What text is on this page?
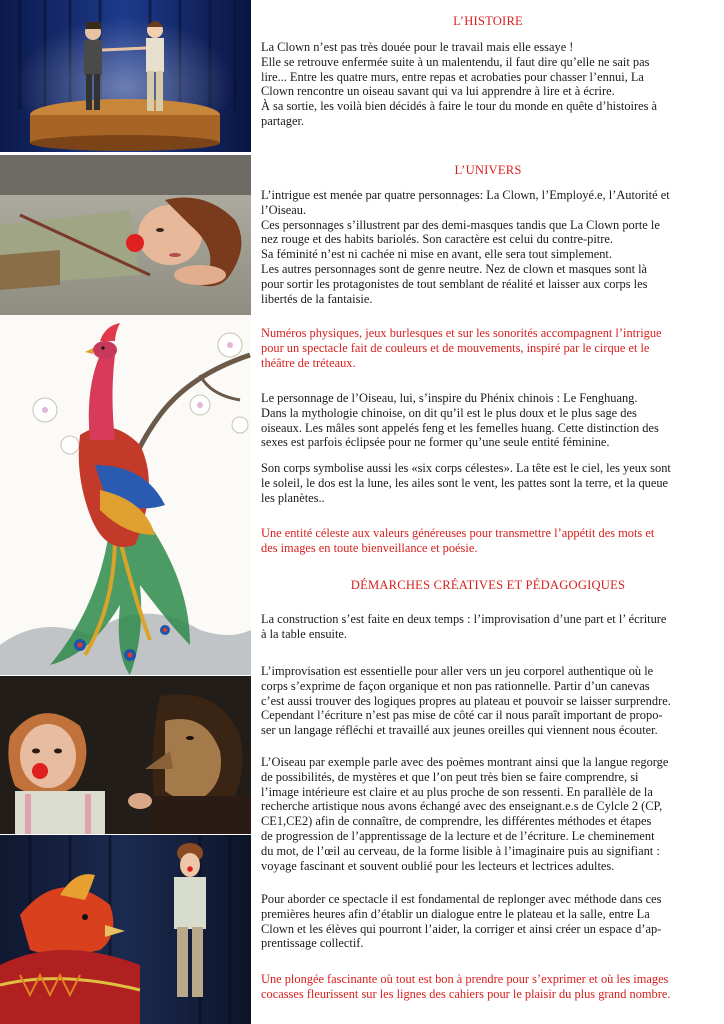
L’HISTOIRE
La Clown n’est pas très douée pour le travail mais elle essaye !
Elle se retrouve enfermée suite à un malentendu, il faut dire qu’elle ne sait pas
lire... Entre les quatre murs, entre repas et acrobaties pour chasser l’ennui, La
Clown rencontre un oiseau savant qui va lui apprendre à lire et à écrire.
À sa sortie, les voilà bien décidés à faire le tour du monde en quête d’histoires à
partager.
L’UNIVERS
L’intrigue est menée par quatre personnages: La Clown, l’Employé.e, l’Autorité et
l’Oiseau.
Ces personnages s’illustrent par des demi-masques tandis que La Clown porte le
nez rouge et des habits bariolés. Son caractère est celui du contre-pitre.
Sa féminité n’est ni cachée ni mise en avant, elle sera tout simplement.
Les autres personnages sont de genre neutre. Nez de clown et masques sont là
pour sortir les protagonistes de tout semblant de réalité et laisser aux corps les
libertés de la fantaisie.
Numéros physiques, jeux burlesques et sur les sonorités accompagnent l’intrigue
pour un spectacle fait de couleurs et de mouvements, inspiré par le cirque et le
théâtre de tréteaux.
Le personnage de l’Oiseau, lui, s’inspire du Phénix chinois : Le Fenghuang.
Dans la mythologie chinoise, on dit qu’il est le plus doux et le plus sage des
oiseaux. Les mâles sont appelés feng et les femelles huang. Cette distinction des
sexes est parfois éclipsée pour ne former qu’une seule entité féminine.
Son corps symbolise aussi les «six corps célestes». La tête est le ciel, les yeux sont
le soleil, le dos est la lune, les ailes sont le vent, les pattes sont la terre, et la queue
les planètes..
Une entité céleste aux valeurs généreuses pour transmettre l’appétit des mots et
des images en toute bienveillance et poésie.
DÉMARCHES CRÉATIVES ET PÉDAGOGIQUES
La construction s’est faite en deux temps : l’improvisation d’une part et l’ écriture
à la table ensuite.
L’improvisation est essentielle pour aller vers un jeu corporel authentique où le
corps s’exprime de façon organique et non pas rationnelle. Partir d’un canevas
c’est aussi trouver des logiques propres au plateau et pouvoir se laisser surprendre.
Cependant l’écriture n’est pas mise de côté car il nous paraît important de propo-
ser un langage réfléchi et travaillé aux jeunes oreilles qui viennent nous écouter.
L’Oiseau par exemple parle avec des poèmes montrant ainsi que la langue regorge
de possibilités, de mystères et que l’on peut très bien se faire comprendre, si
l’image intérieure est claire et au plus proche de son ressenti. En parallèle de la
recherche artistique nous avons échangé avec des enseignant.e.s de Cylcle 2 (CP,
CE1,CE2) afin de connaître, de comprendre, les différentes méthodes et étapes
de progression de l’apprentissage de la lecture et de l’écriture. Le cheminement
du mot, de l’œil au cerveau, de la forme lisible à l’imaginaire puis au signifiant :
voyage fascinant et souvent oublié pour les lecteurs et lectrices adultes.
Pour aborder ce spectacle il est fondamental de replonger avec méthode dans ces
premières heures afin d’établir un dialogue entre le plateau et la salle, entre La
Clown et les élèves qui pourront l’aider, la corriger et ainsi créer un espace d’ap-
prentissage collectif.
Une plongée fascinante où tout est bon à prendre pour s’exprimer et où les images
cocasses fleurissent sur les lignes des cahiers pour le plaisir du plus grand nombre.
